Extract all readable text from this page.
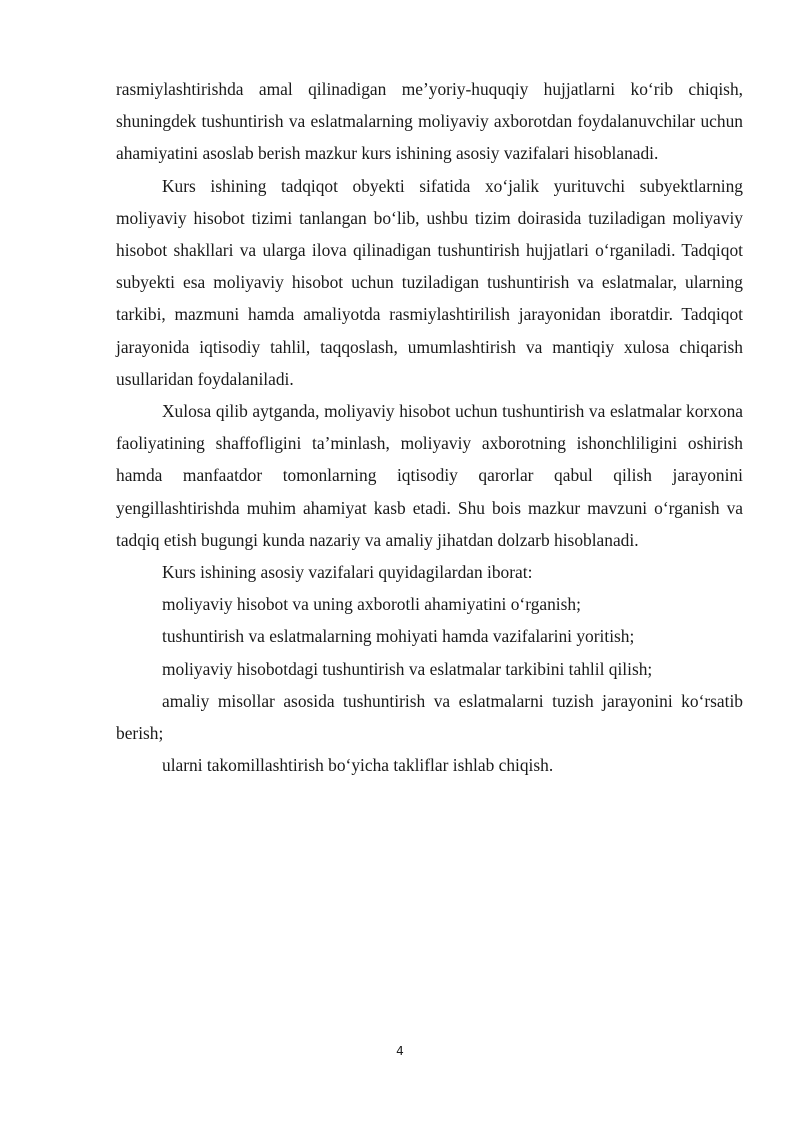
rasmiylashtirishda amal qilinadigan me’yoriy-huquqiy hujjatlarni ko‘rib chiqish, shuningdek tushuntirish va eslatmalarning moliyaviy axborotdan foydalanuvchilar uchun ahamiyatini asoslab berish mazkur kurs ishining asosiy vazifalari hisoblanadi.

Kurs ishining tadqiqot obyekti sifatida xo‘jalik yurituvchi subyektlarning moliyaviy hisobot tizimi tanlangan bo‘lib, ushbu tizim doirasida tuziladigan moliyaviy hisobot shakllari va ularga ilova qilinadigan tushuntirish hujjatlari o‘rganiladi. Tadqiqot subyekti esa moliyaviy hisobot uchun tuziladigan tushuntirish va eslatmalar, ularning tarkibi, mazmuni hamda amaliyotda rasmiylashtirilish jarayonidan iboratdir. Tadqiqot jarayonida iqtisodiy tahlil, taqqoslash, umumlashtirish va mantiqiy xulosa chiqarish usullaridan foydalaniladi.

Xulosa qilib aytganda, moliyaviy hisobot uchun tushuntirish va eslatmalar korxona faoliyatining shaffofligini ta’minlash, moliyaviy axborotning ishonchliligini oshirish hamda manfaatdor tomonlarning iqtisodiy qarorlar qabul qilish jarayonini yengillashtirishda muhim ahamiyat kasb etadi. Shu bois mazkur mavzuni o‘rganish va tadqiq etish bugungi kunda nazariy va amaliy jihatdan dolzarb hisoblanadi.

Kurs ishining asosiy vazifalari quyidagilardan iborat:

moliyaviy hisobot va uning axborotli ahamiyatini o‘rganish;

tushuntirish va eslatmalarning mohiyati hamda vazifalarini yoritish;

moliyaviy hisobotdagi tushuntirish va eslatmalar tarkibini tahlil qilish;

amaliy misollar asosida tushuntirish va eslatmalarni tuzish jarayonini ko‘rsatib berish;

ularni takomillashtirish bo‘yicha takliflar ishlab chiqish.

4
